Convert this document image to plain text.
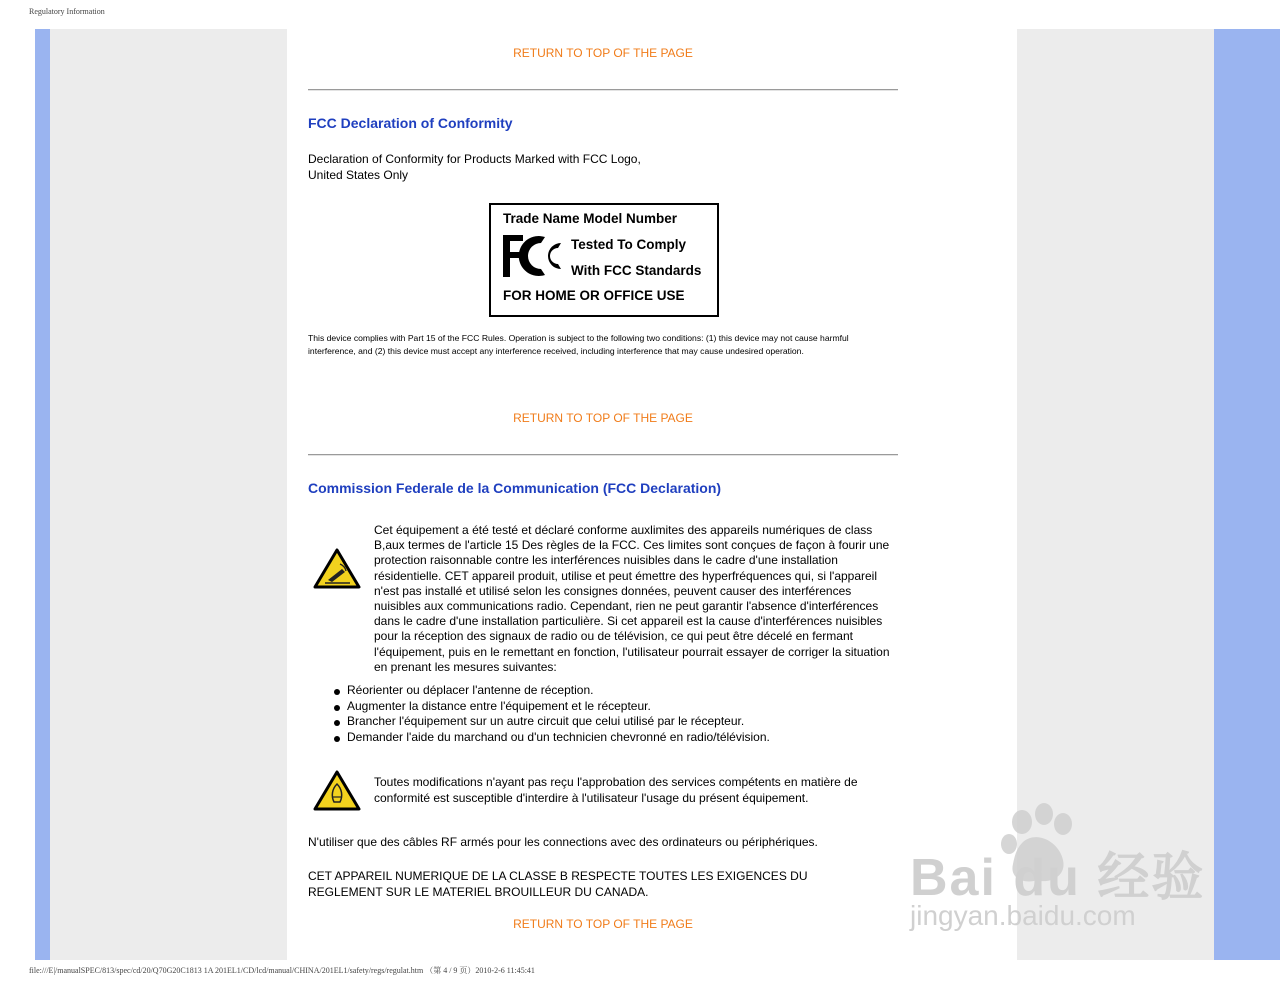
Regulatory Information
RETURN TO TOP OF THE PAGE
FCC Declaration of Conformity
Declaration of Conformity for Products Marked with FCC Logo,
United States Only
Trade Name Model Number
Tested To Comply
With FCC Standards
FOR HOME OR OFFICE USE
This device complies with Part 15 of the FCC Rules. Operation is subject to the following two conditions: (1) this device may not cause harmful interference, and (2) this device must accept any interference received, including interference that may cause undesired operation.
RETURN TO TOP OF THE PAGE
Commission Federale de la Communication (FCC Declaration)
Cet équipement a été testé et déclaré conforme auxlimites des appareils numériques de class B,aux termes de l'article 15 Des règles de la FCC. Ces limites sont conçues de façon à fourir une protection raisonnable contre les interférences nuisibles dans le cadre d'une installation résidentielle. CET appareil produit, utilise et peut émettre des hyperfréquences qui, si l'appareil n'est pas installé et utilisé selon les consignes données, peuvent causer des interférences nuisibles aux communications radio. Cependant, rien ne peut garantir l'absence d'interférences dans le cadre d'une installation particulière. Si cet appareil est la cause d'interférences nuisibles pour la réception des signaux de radio ou de télévision, ce qui peut être décelé en fermant l'équipement, puis en le remettant en fonction, l'utilisateur pourrait essayer de corriger la situation en prenant les mesures suivantes:
Réorienter ou déplacer l'antenne de réception.
Augmenter la distance entre l'équipement et le récepteur.
Brancher l'équipement sur un autre circuit que celui utilisé par le récepteur.
Demander l'aide du marchand ou d'un technicien chevronné en radio/télévision.
Toutes modifications n'ayant pas reçu l'approbation des services compétents en matière de conformité est susceptible d'interdire à l'utilisateur l'usage du présent équipement.
N'utiliser que des câbles RF armés pour les connections avec des ordinateurs ou périphériques.
CET APPAREIL NUMERIQUE DE LA CLASSE B RESPECTE TOUTES LES EXIGENCES DU REGLEMENT SUR LE MATERIEL BROUILLEUR DU CANADA.
RETURN TO TOP OF THE PAGE
Bai du 经验
jingyan.baidu.com
file:///E|/manualSPEC/813/spec/cd/20/Q70G20C1813 1A 201EL1/CD/lcd/manual/CHINA/201EL1/safety/regs/regulat.htm （第 4 / 9 页）2010-2-6 11:45:41
